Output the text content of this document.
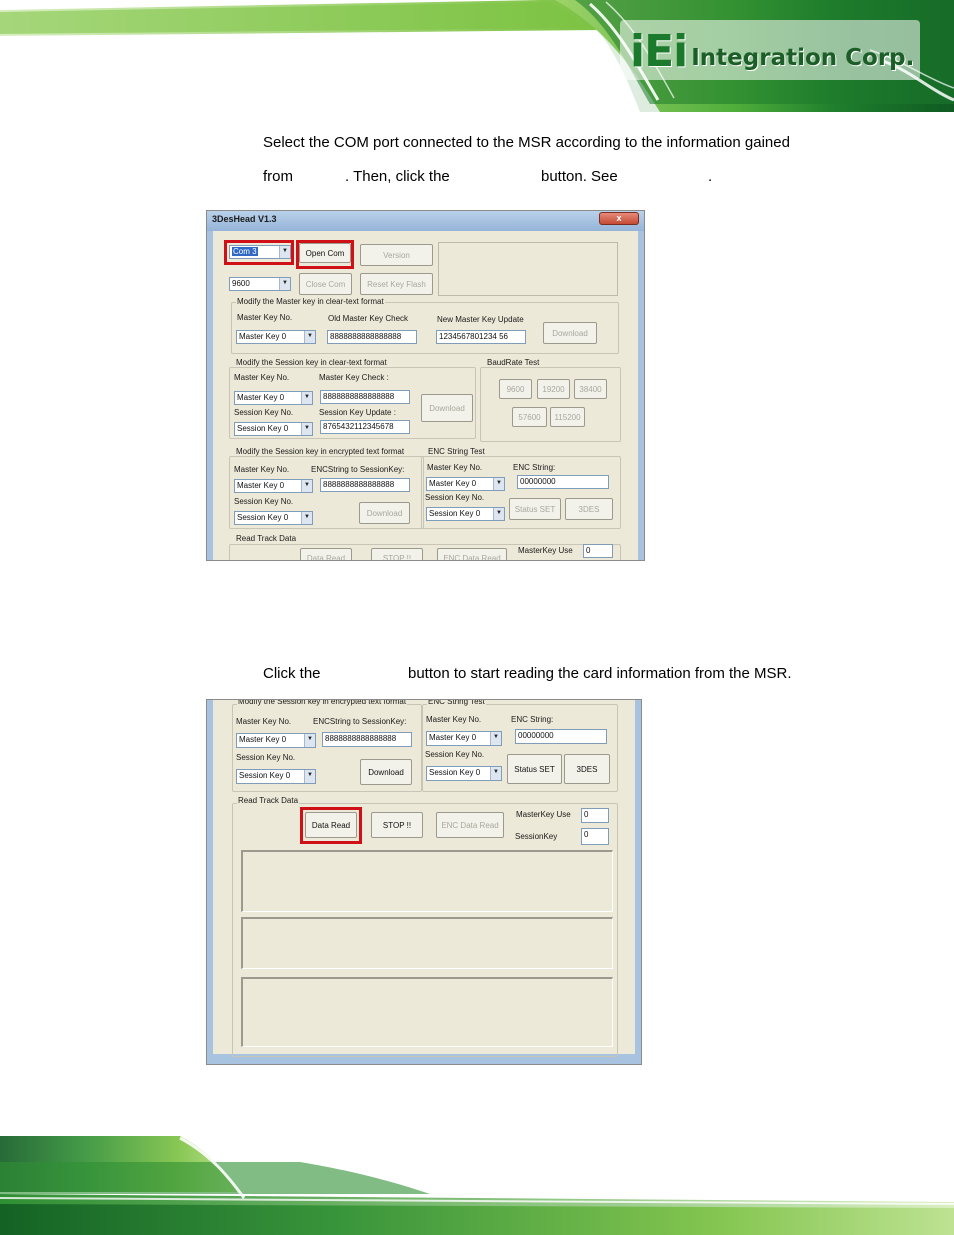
iEi Integration Corp.
Select the COM port connected to the MSR according to the information gained
from	. Then, click the	button. See	.
3DesHead V1.3	x
Com 3	▼	Open Com	Version
9600	▼	Close Com	Reset Key Flash
Modify the Master key in clear-text format
Master Key No.	Old Master Key Check	New Master Key Update
Master Key 0	▼	8888888888888888	1234567801234 56	Download
Modify the Session key in clear-text format
Master Key No.	Master Key Check :
Master Key 0	▼	8888888888888888
Download
Session Key No.	Session Key Update :
Session Key 0	▼	8765432112345678
BaudRate Test
9600	19200	38400
57600	115200
Modify the Session key in encrypted text format
Master Key No.	ENCString to SessionKey:
Master Key 0	▼	8888888888888888
Session Key No.
Session Key 0	▼	Download
ENC String Test
Master Key No.	ENC String:
Master Key 0	▼	00000000
Session Key No.
Session Key 0	▼	Status SET	3DES
Read Track Data
Data Read	STOP !!	ENC Data Read
MasterKey Use	0
Click the	button to start reading the card information from the MSR.
Modify the Session key in encrypted text format
Master Key No.	ENCString to SessionKey:
Master Key 0	▼	8888888888888888
Session Key No.
Session Key 0	▼	Download
ENC String Test
Master Key No.	ENC String:
Master Key 0	▼	00000000
Session Key No.
Session Key 0	▼	Status SET	3DES
Read Track Data
Data Read	STOP !!	ENC Data Read
MasterKey Use	0
SessionKey	0
